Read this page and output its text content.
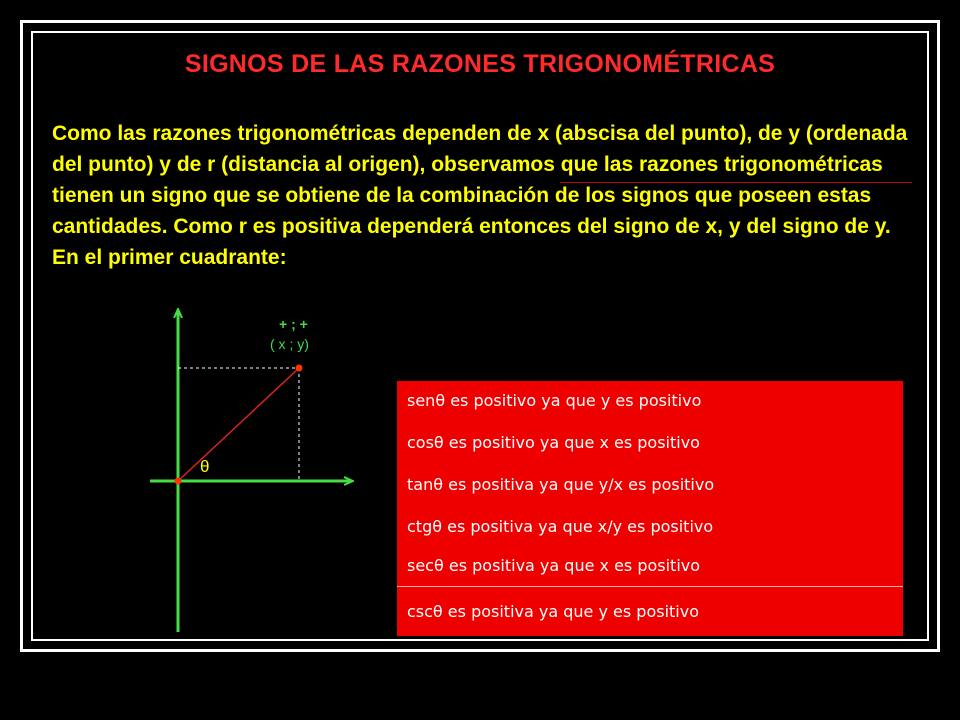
SIGNOS DE LAS RAZONES TRIGONOMÉTRICAS

Como las razones trigonométricas dependen de x (abscisa del punto), de y (ordenada del punto) y de r (distancia al origen), observamos que las razones trigonométricas tienen un signo que se obtiene de la combinación de los signos que poseen estas cantidades. Como r es positiva dependerá entonces del signo de x, y del signo de y. En el primer cuadrante:

+ ; +
( x ; y)
θ
senθ es positivo ya que y es positivo
cosθ es positivo ya que x es positivo
tanθ es positiva ya que y/x es positivo
ctgθ es positiva ya que x/y es positivo
secθ es positiva ya que x es positivo
cscθ es positiva ya que y es positivo
